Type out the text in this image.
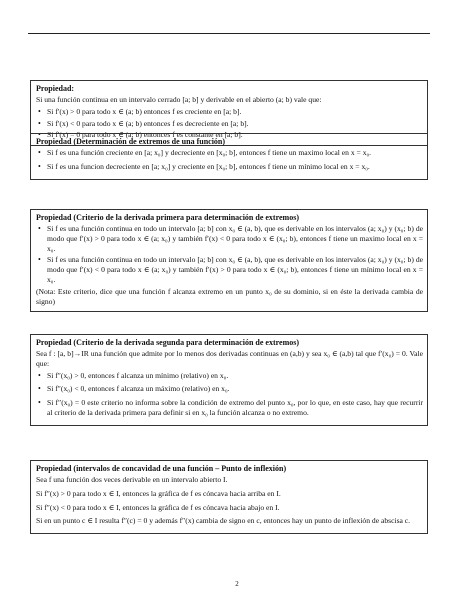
Propiedad:

Si una función continua en un intervalo cerrado [a; b] y derivable en el abierto (a; b) vale que:

• Si f′(x) > 0 para todo x ∈ (a; b) entonces f es creciente en [a; b].
• Si f′(x) < 0 para todo x ∈ (a; b) entonces f es decreciente en [a; b].
• Si f′(x) = 0 para todo x ∈ (a; b) entonces f es constante en [a; b].
Propiedad (Determinación de extremos de una función)
• Si f es una función creciente en [a; x₀] y decreciente en [x₀; b], entonces f tiene un maximo local en x = x₀.
• Si f es una funcion decreciente en [a; x₀] y creciente en [x₀; b], entonces f tiene un mínimo local en x = x₀.
Propiedad (Criterio de la derivada primera para determinación de extremos)
• Si f es una función continua en todo un intervalo [a; b] con x₀ ∈ (a, b), que es derivable en los intervalos (a; x₀) y (x₀; b) de modo que f′(x) > 0 para todo x ∈ (a; x₀) y también f′(x) < 0 para todo x ∈ (x₀; b), entonces f tiene un maximo local en x = x₀.
• Si f es una función continua en todo un intervalo [a; b] con x₀ ∈ (a, b), que es derivable en los intervalos (a; x₀) y (x₀; b) de modo que f′(x) < 0 para todo x ∈ (a; x₀) y también f′(x) > 0 para todo x ∈ (x₀; b), entonces f tiene un mínimo local en x = x₀.

(Nota: Este criterio, dice que una función f alcanza extremo en un punto x₀ de su dominio, si en éste la derivada cambia de signo)

Propiedad (Criterio de la derivada segunda para determinación de extremos)

Sea f : [a, b]→IR una función que admite por lo menos dos derivadas continuas en (a,b) y sea x₀ ∈ (a,b) tal que f′(x₀) = 0. Vale que:

• Si f″(x₀) > 0, entonces f alcanza un mínimo (relativo) en x₀.
• Si f″(x₀) < 0, entonces f alcanza un máximo (relativo) en x₀.
• Si f″(x₀) = 0 este criterio no informa sobre la condición de extremo del punto x₀, por lo que, en este caso, hay que recurrir al criterio de la derivada primera para definir si en x₀ la función alcanza o no extremo.
Propiedad (intervalos de concavidad de una función – Punto de inflexión)

Sea f una función dos veces derivable en un intervalo abierto I.

Si f″(x) > 0 para todo x ∈ I, entonces la gráfica de f es cóncava hacia arriba en I.

Si f″(x) < 0 para todo x ∈ I, entonces la gráfica de f es cóncava hacia abajo en I.

Si en un punto c ∈ I resulta f″(c) = 0 y además f″(x) cambia de signo en c, entonces hay un punto de inflexión de abscisa c.

2
